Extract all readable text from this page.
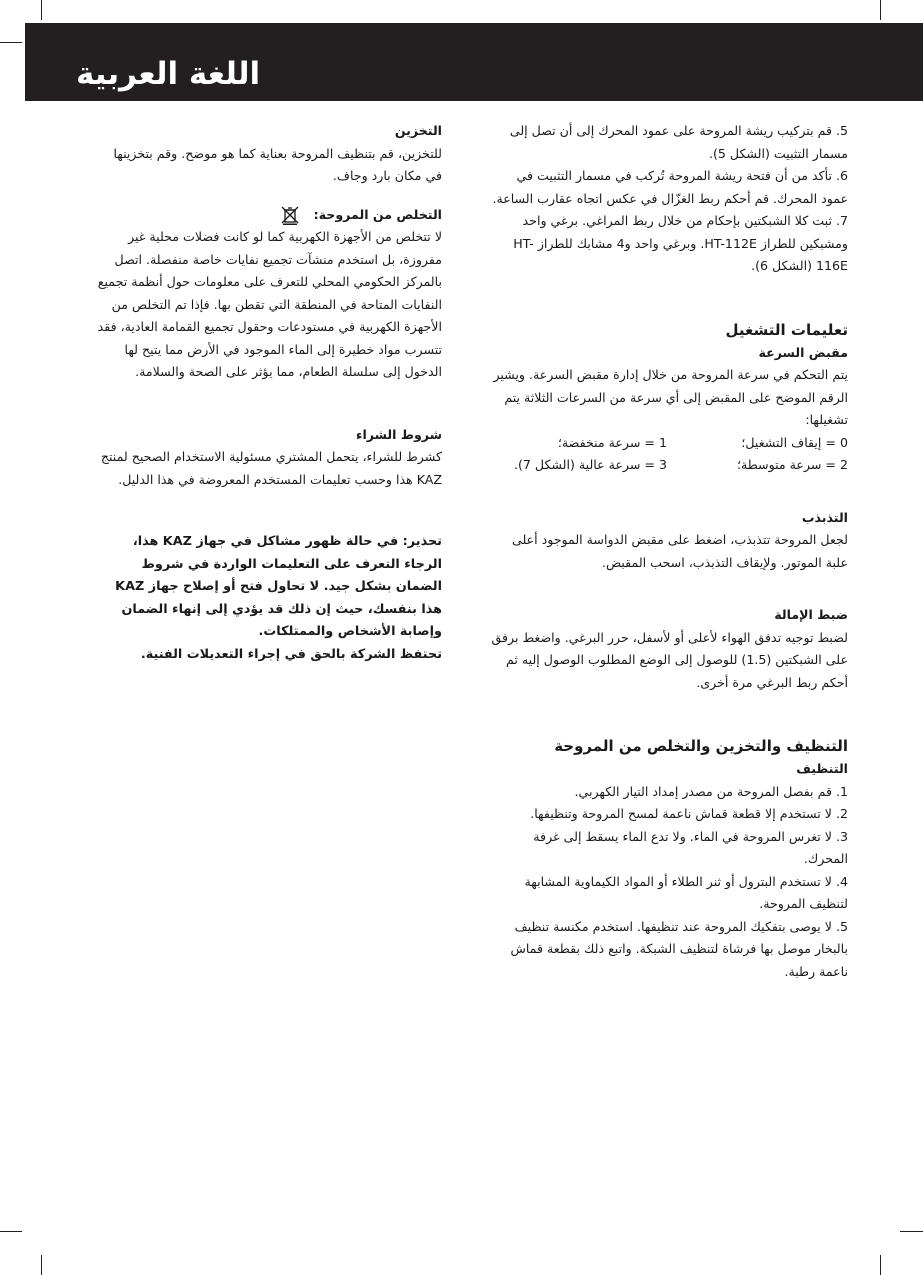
اللغة العربية

5. قم بتركيب ريشة المروحة على عمود المحرك إلى أن تصل إلى مسمار التثبيت (الشكل 5).

6. تأكد من أن فتحة ريشة المروحة تُركب في مسمار التثبيت في عمود المحرك. قم أحكم ربط الغزّال في عكس اتجاه عقارب الساعة.

7. ثبت كلا الشبكتين بإحكام من خلال ربط المراغي. برغي واحد ومشبكين للطراز HT-112E. وبرغي واحد و4 مشابك للطراز HT-116E (الشكل 6).

تعليمات التشغيل
مقبض السرعة

يتم التحكم في سرعة المروحة من خلال إدارة مقبض السرعة. ويشير الرقم الموضح على المقبض إلى أي سرعة من السرعات الثلاثة يتم تشغيلها:

0 = إيقاف التشغيل؛
1 = سرعة منخفضة؛
2 = سرعة متوسطة؛
3 = سرعة عالية (الشكل 7).
التذبذب

لجعل المروحة تتذبذب، اضغط على مقبض الدواسة الموجود أعلى علبة الموتور. ولإيقاف التذبذب، اسحب المقبض.

ضبط الإمالة

لضبط توجيه تدفق الهواء لأعلى أو لأسفل، حرر البرغي. واضغط برفق على الشبكتين (1.5) للوصول إلى الوضع المطلوب الوصول إليه ثم أحكم ربط البرغي مرة أخرى.

التنظيف والتخزين والتخلص من المروحة
التنظيف

1. قم بفصل المروحة من مصدر إمداد التيار الكهربي.

2. لا تستخدم إلا قطعة قماش ناعمة لمسح المروحة وتنظيفها.

3. لا تغرس المروحة في الماء. ولا تدع الماء يسقط إلى غرفة المحرك.

4. لا تستخدم البترول أو ثنر الطلاء أو المواد الكيماوية المشابهة لتنظيف المروحة.

5. لا يوصى بتفكيك المروحة عند تنظيفها. استخدم مكنسة تنظيف بالبخار موصل بها فرشاة لتنظيف الشبكة. واتبع ذلك بقطعة قماش ناعمة رطبة.

التخزين

للتخزين، قم بتنظيف المروحة بعناية كما هو موضح. وقم بتخزينها في مكان بارد وجاف.

التخلص من المروحة:

لا تتخلص من الأجهزة الكهربية كما لو كانت فضلات محلية غير مفروزة، بل استخدم منشآت تجميع نفايات خاصة منفصلة. اتصل بالمركز الحكومي المحلي للتعرف على معلومات حول أنظمة تجميع النفايات المتاحة في المنطقة التي تقطن بها. فإذا تم التخلص من الأجهزة الكهربية في مستودعات وحقول تجميع القمامة العادية، فقد تتسرب مواد خطيرة إلى الماء الموجود في الأرض مما يتيح لها الدخول إلى سلسلة الطعام، مما يؤثر على الصحة والسلامة.

شروط الشراء

كشرط للشراء، يتحمل المشتري مسئولية الاستخدام الصحيح لمنتج KAZ هذا وحسب تعليمات المستخدم المعروضة في هذا الدليل.

تحذير: في حالة ظهور مشاكل في جهاز KAZ هذا، الرجاء التعرف على التعليمات الواردة في شروط الضمان بشكل جيد. لا تحاول فتح أو إصلاح جهاز KAZ هذا بنفسك، حيث إن ذلك قد يؤدي إلى إنهاء الضمان وإصابة الأشخاص والممتلكات.

تحتفظ الشركة بالحق في إجراء التعديلات الفنية.
